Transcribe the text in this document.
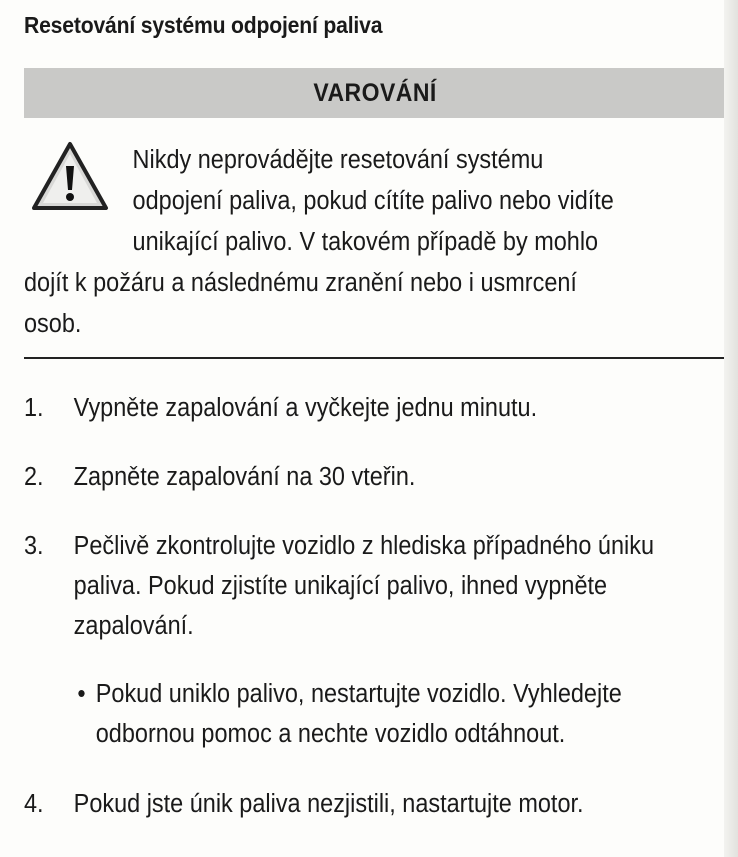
Resetování systému odpojení paliva
VAROVÁNÍ
Nikdy neprovádějte resetování systému
odpojení paliva, pokud cítíte palivo nebo vidíte
unikající palivo. V takovém případě by mohlo
dojít k požáru a následnému zranění nebo i usmrcení
osob.
1.	Vypněte zapalování a vyčkejte jednu minutu.
2.	Zapněte zapalování na 30 vteřin.
3.	Pečlivě zkontrolujte vozidlo z hlediska případného úniku paliva. Pokud zjistíte unikající palivo, ihned vypněte zapalování.
• Pokud uniklo palivo, nestartujte vozidlo. Vyhledejte odbornou pomoc a nechte vozidlo odtáhnout.
4.	Pokud jste únik paliva nezjistili, nastartujte motor.
